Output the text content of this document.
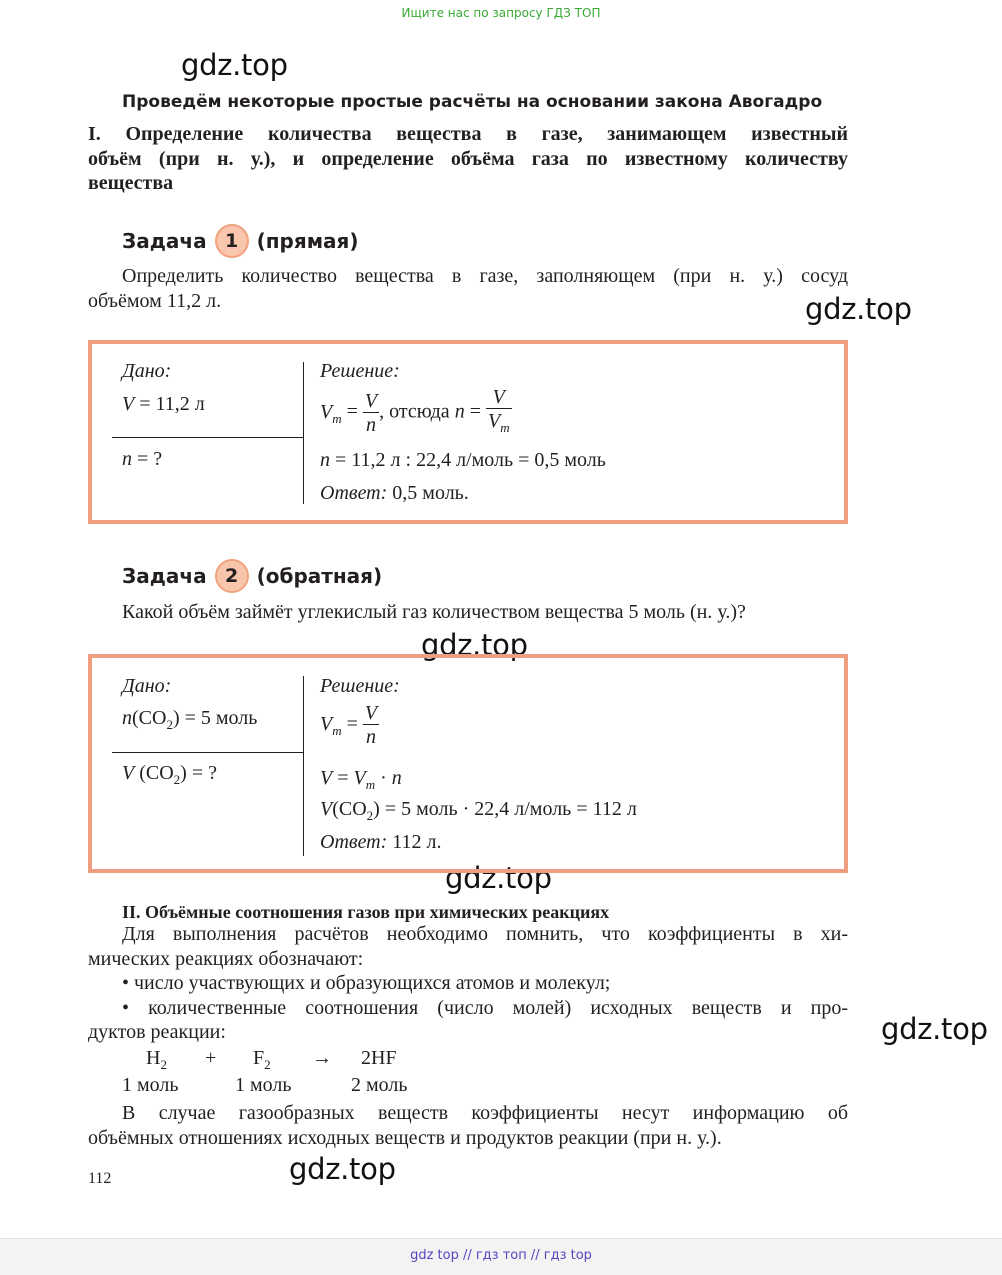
Ищите нас по запросу ГДЗ ТОП
gdz.top
gdz.top
gdz.top
gdz.top
gdz.top
gdz.top
Проведём некоторые простые расчёты на основании закона Авогадро
I. Определение количества вещества в газе, занимающем известный
объём (при н. у.), и определение объёма газа по известному количеству
вещества
Задача 1 (прямая)
Определить количество вещества в газе, заполняющем (при н. у.) сосуд
объёмом 11,2 л.
Дано:
V = 11,2 л
n = ?
Решение:
$V_m = \frac{V}{n}$ , отсюда $n = \frac{V}{V_m}$
n = 11,2 л : 22,4 л/моль = 0,5 моль
Ответ: 0,5 моль.
Задача 2 (обратная)
Какой объём займёт углекислый газ количеством вещества 5 моль (н. у.)?
Дано:
$n(CO_2) = 5$ моль
V $(CO_2)$ = ?
Решение:
$V_m = \frac{V}{n}$
$V = V_m \cdot n$
$V(CO_2) = 5$ моль · 22,4 л/моль = 112 л
Ответ: 112 л.
II. Объёмные соотношения газов при химических реакциях
Для выполнения расчётов необходимо помнить, что коэффициенты в хи-
мических реакциях обозначают:
• число участвующих и образующихся атомов и молекул;
• количественные соотношения (число молей) исходных веществ и про-
дуктов реакции:
$H_2 + F_2 \to 2HF$
1 моль	1 моль	2 моль
В случае газообразных веществ коэффициенты несут информацию об
объёмных отношениях исходных веществ и продуктов реакции (при н. у.).
112
gdz top // гдз топ // гдз top
